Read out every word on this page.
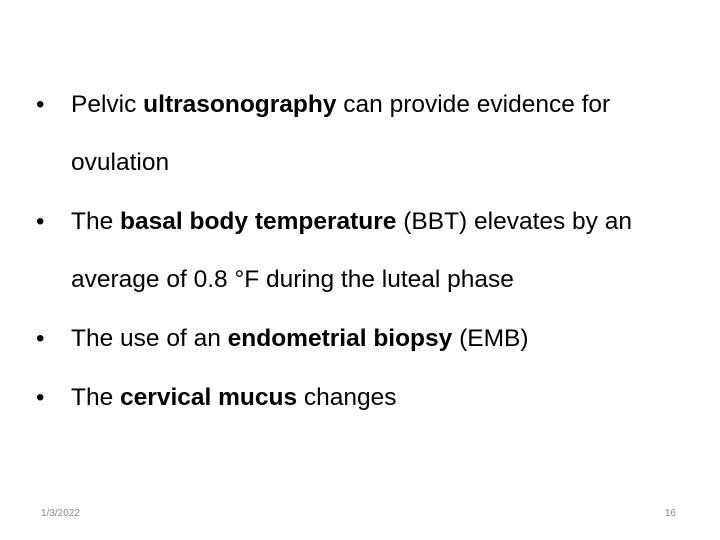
• Pelvic ultrasonography can provide evidence for ovulation
• The basal body temperature (BBT) elevates by an average of 0.8 °F during the luteal phase
• The use of an endometrial biopsy (EMB)
• The cervical mucus changes
1/3/2022	16
